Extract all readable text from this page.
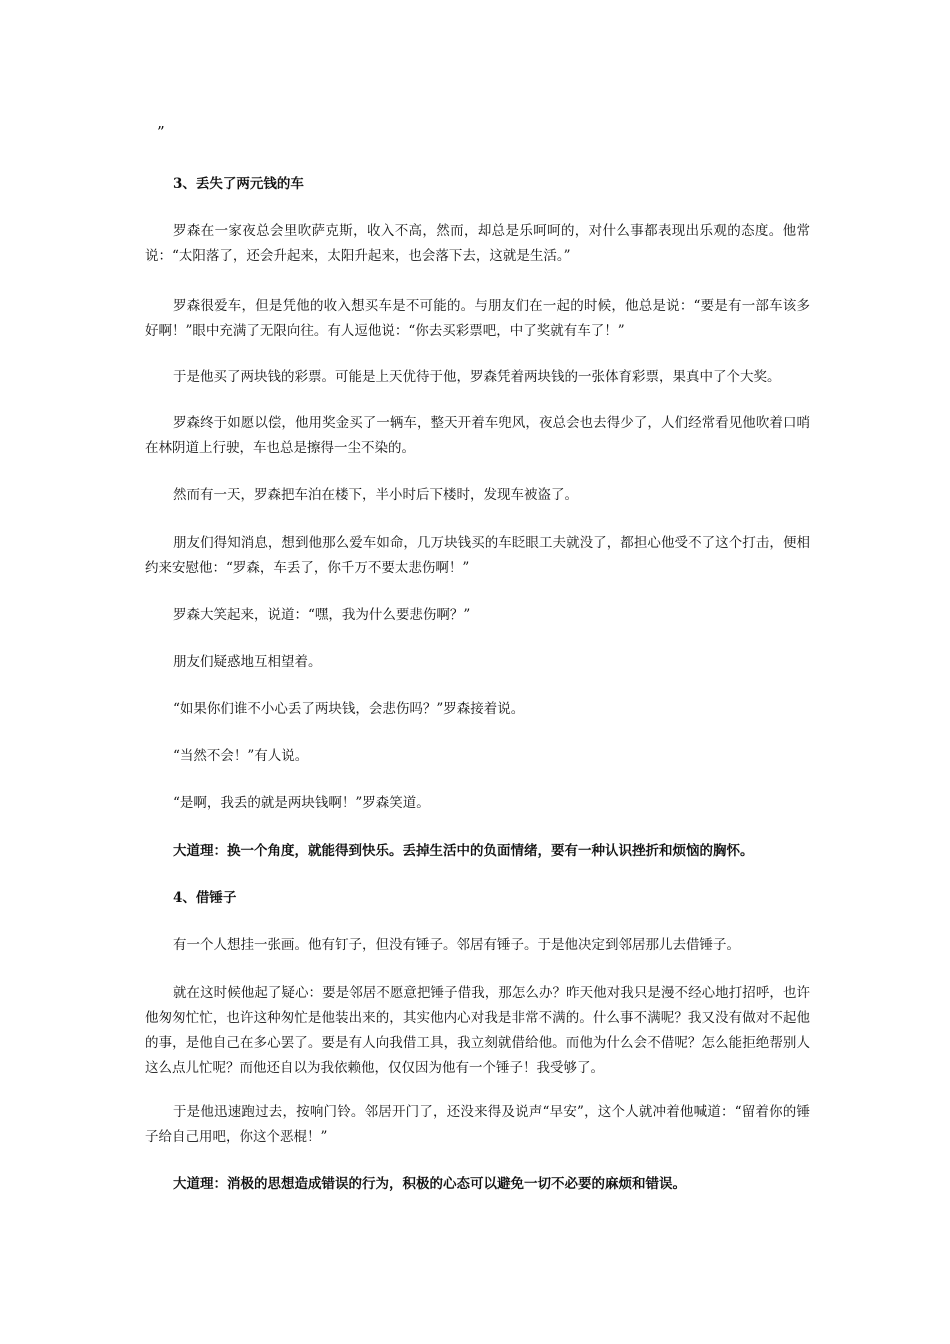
”
3、丢失了两元钱的车
罗森在一家夜总会里吹萨克斯，收入不高，然而，却总是乐呵呵的，对什么事都表现出乐观的态度。他常说：“太阳落了，还会升起来，太阳升起来，也会落下去，这就是生活。”
罗森很爱车，但是凭他的收入想买车是不可能的。与朋友们在一起的时候，他总是说：“要是有一部车该多好啊！”眼中充满了无限向往。有人逗他说：“你去买彩票吧，中了奖就有车了！”
于是他买了两块钱的彩票。可能是上天优待于他，罗森凭着两块钱的一张体育彩票，果真中了个大奖。
罗森终于如愿以偿，他用奖金买了一辆车，整天开着车兜风，夜总会也去得少了，人们经常看见他吹着口哨在林阴道上行驶，车也总是擦得一尘不染的。
然而有一天，罗森把车泊在楼下，半小时后下楼时，发现车被盗了。
朋友们得知消息，想到他那么爱车如命，几万块钱买的车眨眼工夫就没了，都担心他受不了这个打击，便相约来安慰他：“罗森，车丢了，你千万不要太悲伤啊！”
罗森大笑起来，说道：“嘿，我为什么要悲伤啊？”
朋友们疑惑地互相望着。
“如果你们谁不小心丢了两块钱，会悲伤吗？”罗森接着说。
“当然不会！”有人说。
“是啊，我丢的就是两块钱啊！”罗森笑道。
大道理：换一个角度，就能得到快乐。丢掉生活中的负面情绪，要有一种认识挫折和烦恼的胸怀。
4、借锤子
有一个人想挂一张画。他有钉子，但没有锤子。邻居有锤子。于是他决定到邻居那儿去借锤子。
就在这时候他起了疑心：要是邻居不愿意把锤子借我，那怎么办？昨天他对我只是漫不经心地打招呼，也许他匆匆忙忙，也许这种匆忙是他装出来的，其实他内心对我是非常不满的。什么事不满呢？我又没有做对不起他的事，是他自己在多心罢了。要是有人向我借工具，我立刻就借给他。而他为什么会不借呢？怎么能拒绝帮别人这么点儿忙呢？而他还自以为我依赖他，仅仅因为他有一个锤子！我受够了。
于是他迅速跑过去，按响门铃。邻居开门了，还没来得及说声“早安”，这个人就冲着他喊道：“留着你的锤子给自己用吧，你这个恶棍！”
大道理：消极的思想造成错误的行为，积极的心态可以避免一切不必要的麻烦和错误。
